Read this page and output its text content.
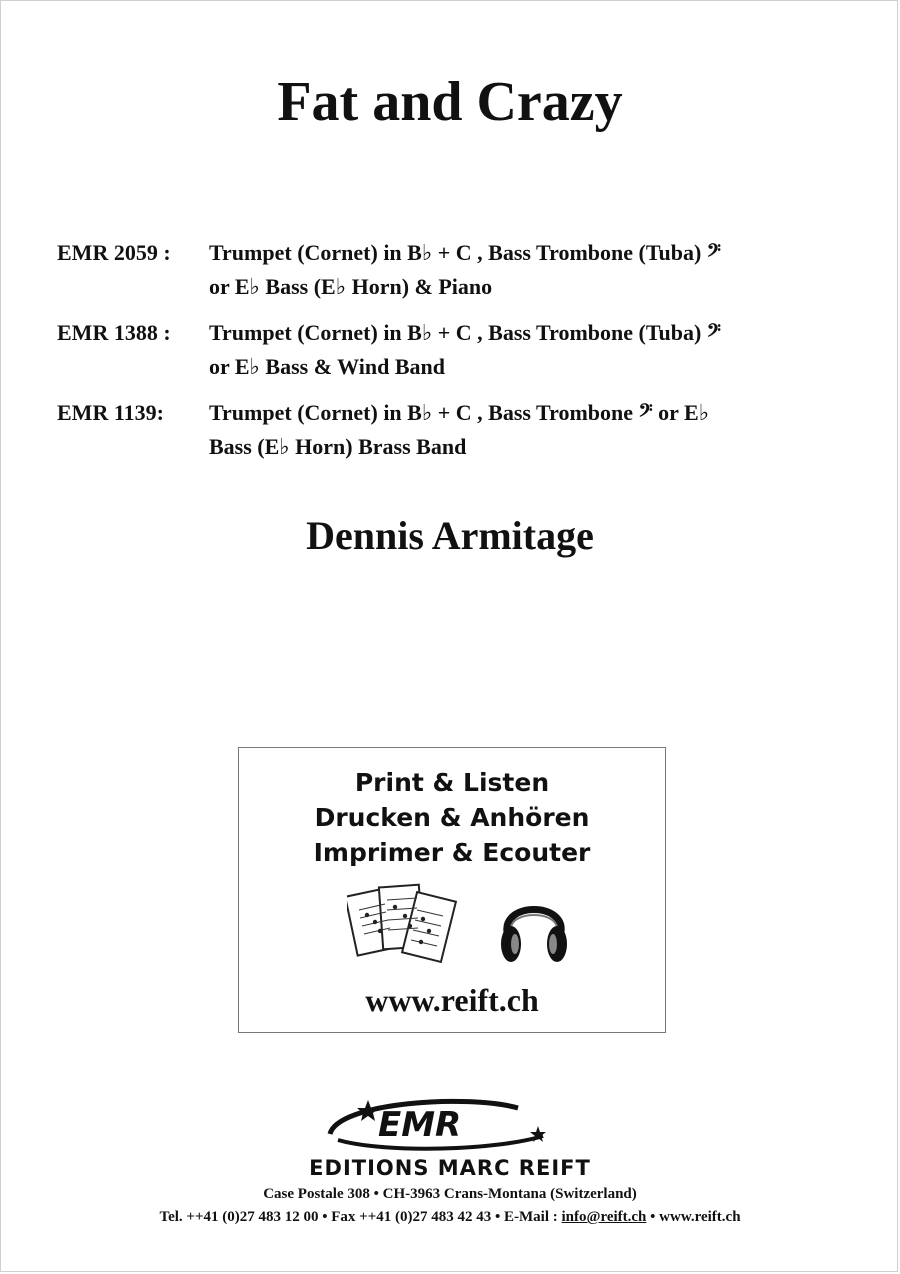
Fat and Crazy
EMR 2059 :	Trumpet (Cornet) in B♭ + C , Bass Trombone (Tuba) 𝄢
or E♭ Bass (E♭ Horn) & Piano
EMR 1388 :	Trumpet (Cornet) in B♭ + C , Bass Trombone (Tuba) 𝄢
or E♭ Bass & Wind Band
EMR 1139:	Trumpet (Cornet) in B♭ + C , Bass Trombone 𝄢 or E♭
Bass (E♭ Horn) Brass Band
Dennis Armitage
Print & Listen
Drucken & Anhören
Imprimer & Ecouter
www.reift.ch
EMR
EDITIONS MARC REIFT
Case Postale 308 • CH-3963 Crans-Montana (Switzerland)
Tel. ++41 (0)27 483 12 00 • Fax ++41 (0)27 483 42 43 • E-Mail : info@reift.ch • www.reift.ch
